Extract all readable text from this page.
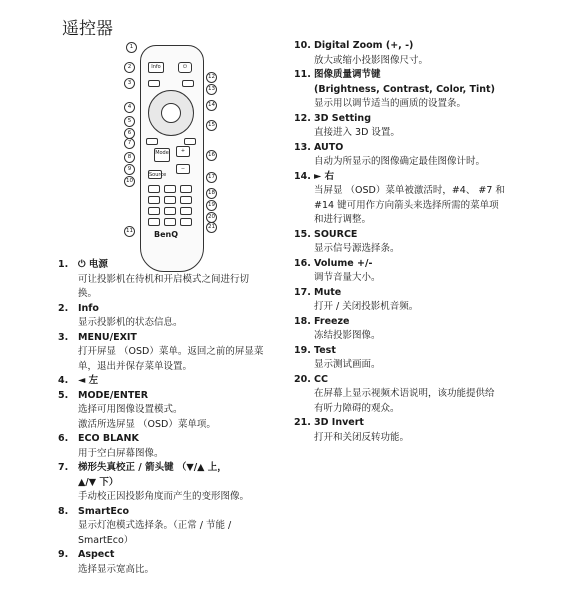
遥控器
Info	⏻
Mode	+
−
Source
BenQ
1
2
3
4
5
6
7
8
9
10
11
12
13
14
15
16
17
18
19
20
21
1. ⏻ 电源
可让投影机在待机和开启模式之间进行切
换。
2. Info
显示投影机的状态信息。
3. MENU/EXIT
打开屏显 （OSD）菜单。返回之前的屏显菜
单，退出并保存菜单设置。
4. ◄ 左
5. MODE/ENTER
选择可用图像设置模式。
激活所选屏显 （OSD）菜单项。
6. ECO BLANK
用于空白屏幕图像。
7. 梯形失真校正 / 箭头键 （▼/▲ 上，
▲/▼ 下）
手动校正因投影角度而产生的变形图像。
8. SmartEco
显示灯泡模式选择条。（正常 / 节能 /
SmartEco）
9. Aspect
选择显示宽高比。
10. Digital Zoom (+, -)
放大或缩小投影图像尺寸。
11. 图像质量调节键
(Brightness, Contrast, Color, Tint)
显示用以调节适当的画质的设置条。
12. 3D Setting
直接进入 3D 设置。
13. AUTO
自动为所显示的图像确定最佳图像计时。
14. ► 右
当屏显 （OSD）菜单被激活时，#4、 #7 和
#14 键可用作方向箭头来选择所需的菜单项
和进行调整。
15. SOURCE
显示信号源选择条。
16. Volume +/-
调节音量大小。
17. Mute
打开 / 关闭投影机音频。
18. Freeze
冻结投影图像。
19. Test
显示测试画面。
20. CC
在屏幕上显示视频术语说明，该功能提供给
有听力障碍的观众。
21. 3D Invert
打开和关闭反转功能。
